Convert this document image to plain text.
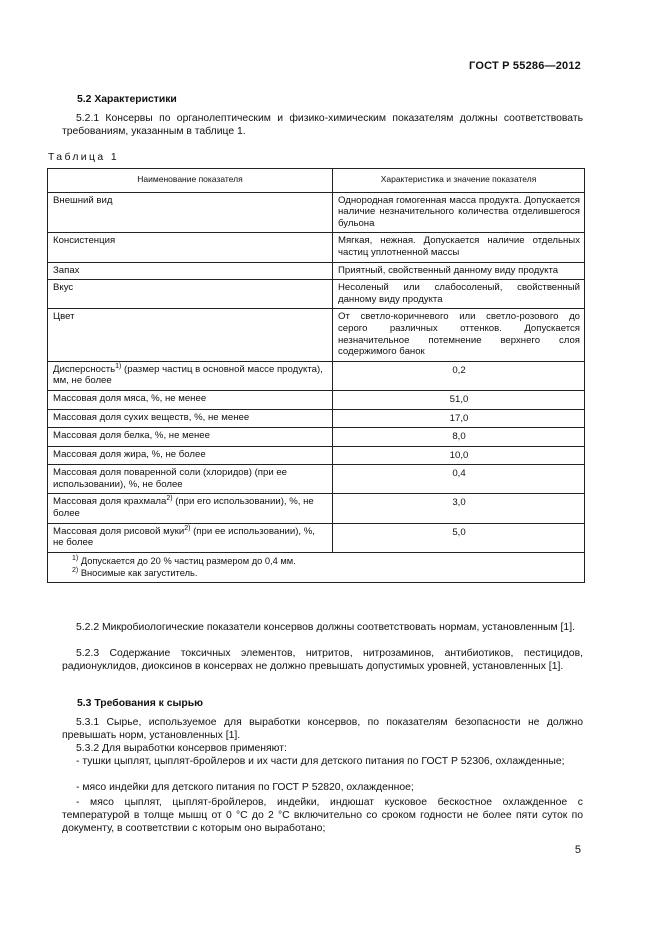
ГОСТ Р 55286—2012
5.2 Характеристики
5.2.1 Консервы по органолептическим и физико-химическим показателям должны соответствовать требованиям, указанным в таблице 1.
Таблица 1
Наименование показателя	Характеристика и значение показателя
Внешний вид	Однородная гомогенная масса продукта. Допускается наличие незначительного количества отделившегося бульона
Консистенция	Мягкая, нежная. Допускается наличие отдельных частиц уплотненной массы
Запах	Приятный, свойственный данному виду продукта
Вкус	Несоленый или слабосоленый, свойственный данному виду продукта
Цвет	От светло-коричневого или светло-розового до серого различных оттенков. Допускается незначительное потемнение верхнего слоя содержимого банок
Дисперсность$^{1)}$ (размер частиц в основной массе продукта), мм, не более	0,2
Массовая доля мяса, %, не менее	51,0
Массовая доля сухих веществ, %, не менее	17,0
Массовая доля белка, %, не менее	8,0
Массовая доля жира, %, не более	10,0
Массовая доля поваренной соли (хлоридов) (при ее использовании), %, не более	0,4
Массовая доля крахмала$^{2)}$ (при его использовании), %, не более	3,0
Массовая доля рисовой муки$^{2)}$ (при ее использовании), %, не более	5,0

$^{1)}$ Допускается до 20 % частиц размером до 0,4 мм.
$^{2)}$ Вносимые как загуститель.	
5.2.2 Микробиологические показатели консервов должны соответствовать нормам, установленным [1].
5.2.3 Содержание токсичных элементов, нитритов, нитрозаминов, антибиотиков, пестицидов, радионуклидов, диоксинов в консервах не должно превышать допустимых уровней, установленных [1].
5.3 Требования к сырью
5.3.1 Сырье, используемое для выработки консервов, по показателям безопасности не должно превышать норм, установленных [1].
5.3.2 Для выработки консервов применяют:
- тушки цыплят, цыплят-бройлеров и их части для детского питания по ГОСТ Р 52306, охлажденные;
- мясо индейки для детского питания по ГОСТ Р 52820, охлажденное;
- мясо цыплят, цыплят-бройлеров, индейки, индюшат кусковое бескостное охлажденное с температурой в толще мышц от 0 °С до 2 °С включительно со сроком годности не более пяти суток по документу, в соответствии с которым оно выработано;
5
